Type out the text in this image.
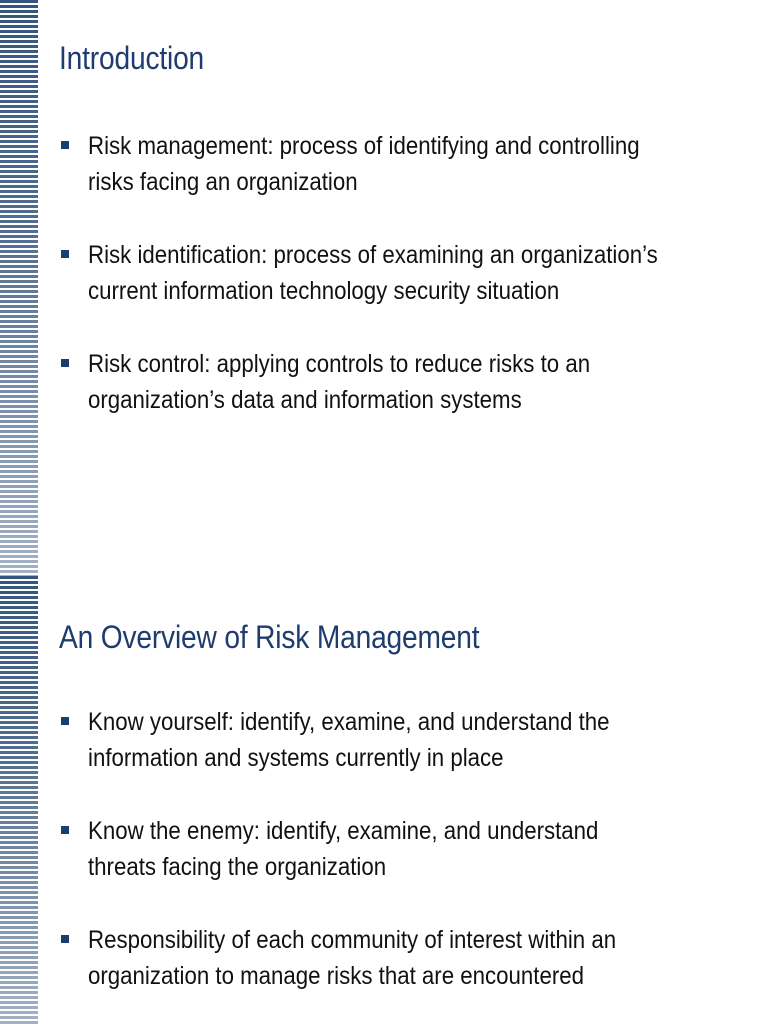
Introduction
Risk management: process of identifying and controlling
risks facing an organization
Risk identification: process of examining an organization’s
current information technology security situation
Risk control: applying controls to reduce risks to an
organization’s data and information systems
An Overview of Risk Management
Know yourself: identify, examine, and understand the
information and systems currently in place
Know the enemy: identify, examine, and understand
threats facing the organization
Responsibility of each community of interest within an
organization to manage risks that are encountered
